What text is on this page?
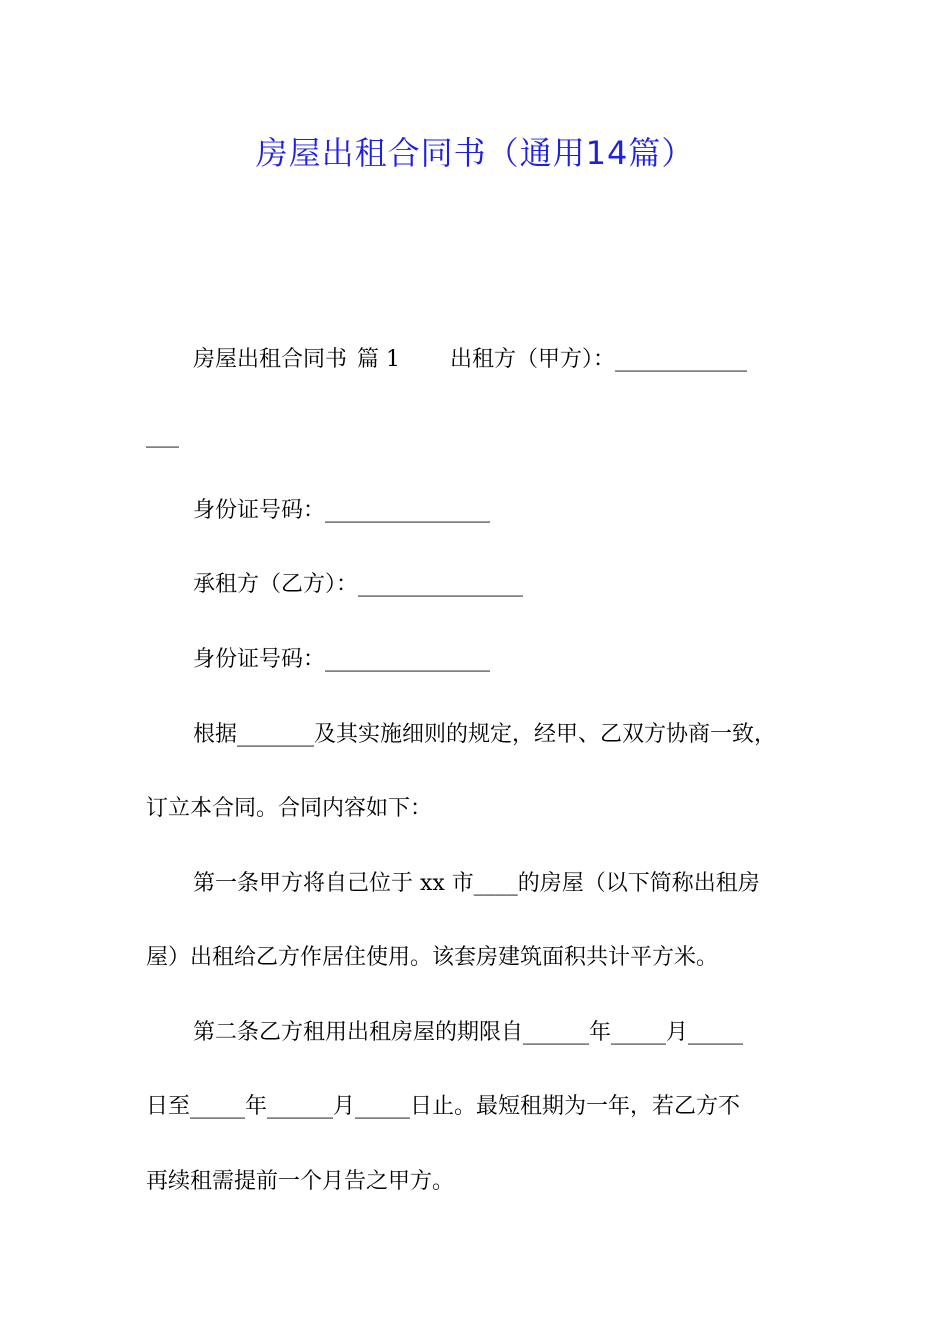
房屋出租合同书（通用14篇）
房屋出租合同书 篇 1 出租方（甲方）：____________
___
身份证号码：_______________
承租方（乙方）：_______________
身份证号码：_______________
根据_______及其实施细则的规定，经甲、乙双方协商一致，
订立本合同。合同内容如下：
第一条甲方将自己位于 xx 市____的房屋（以下简称出租房
屋）出租给乙方作居住使用。该套房建筑面积共计平方米。
第二条乙方租用出租房屋的期限自______年_____月_____
日至_____年______月_____日止。最短租期为一年，若乙方不
再续租需提前一个月告之甲方。
